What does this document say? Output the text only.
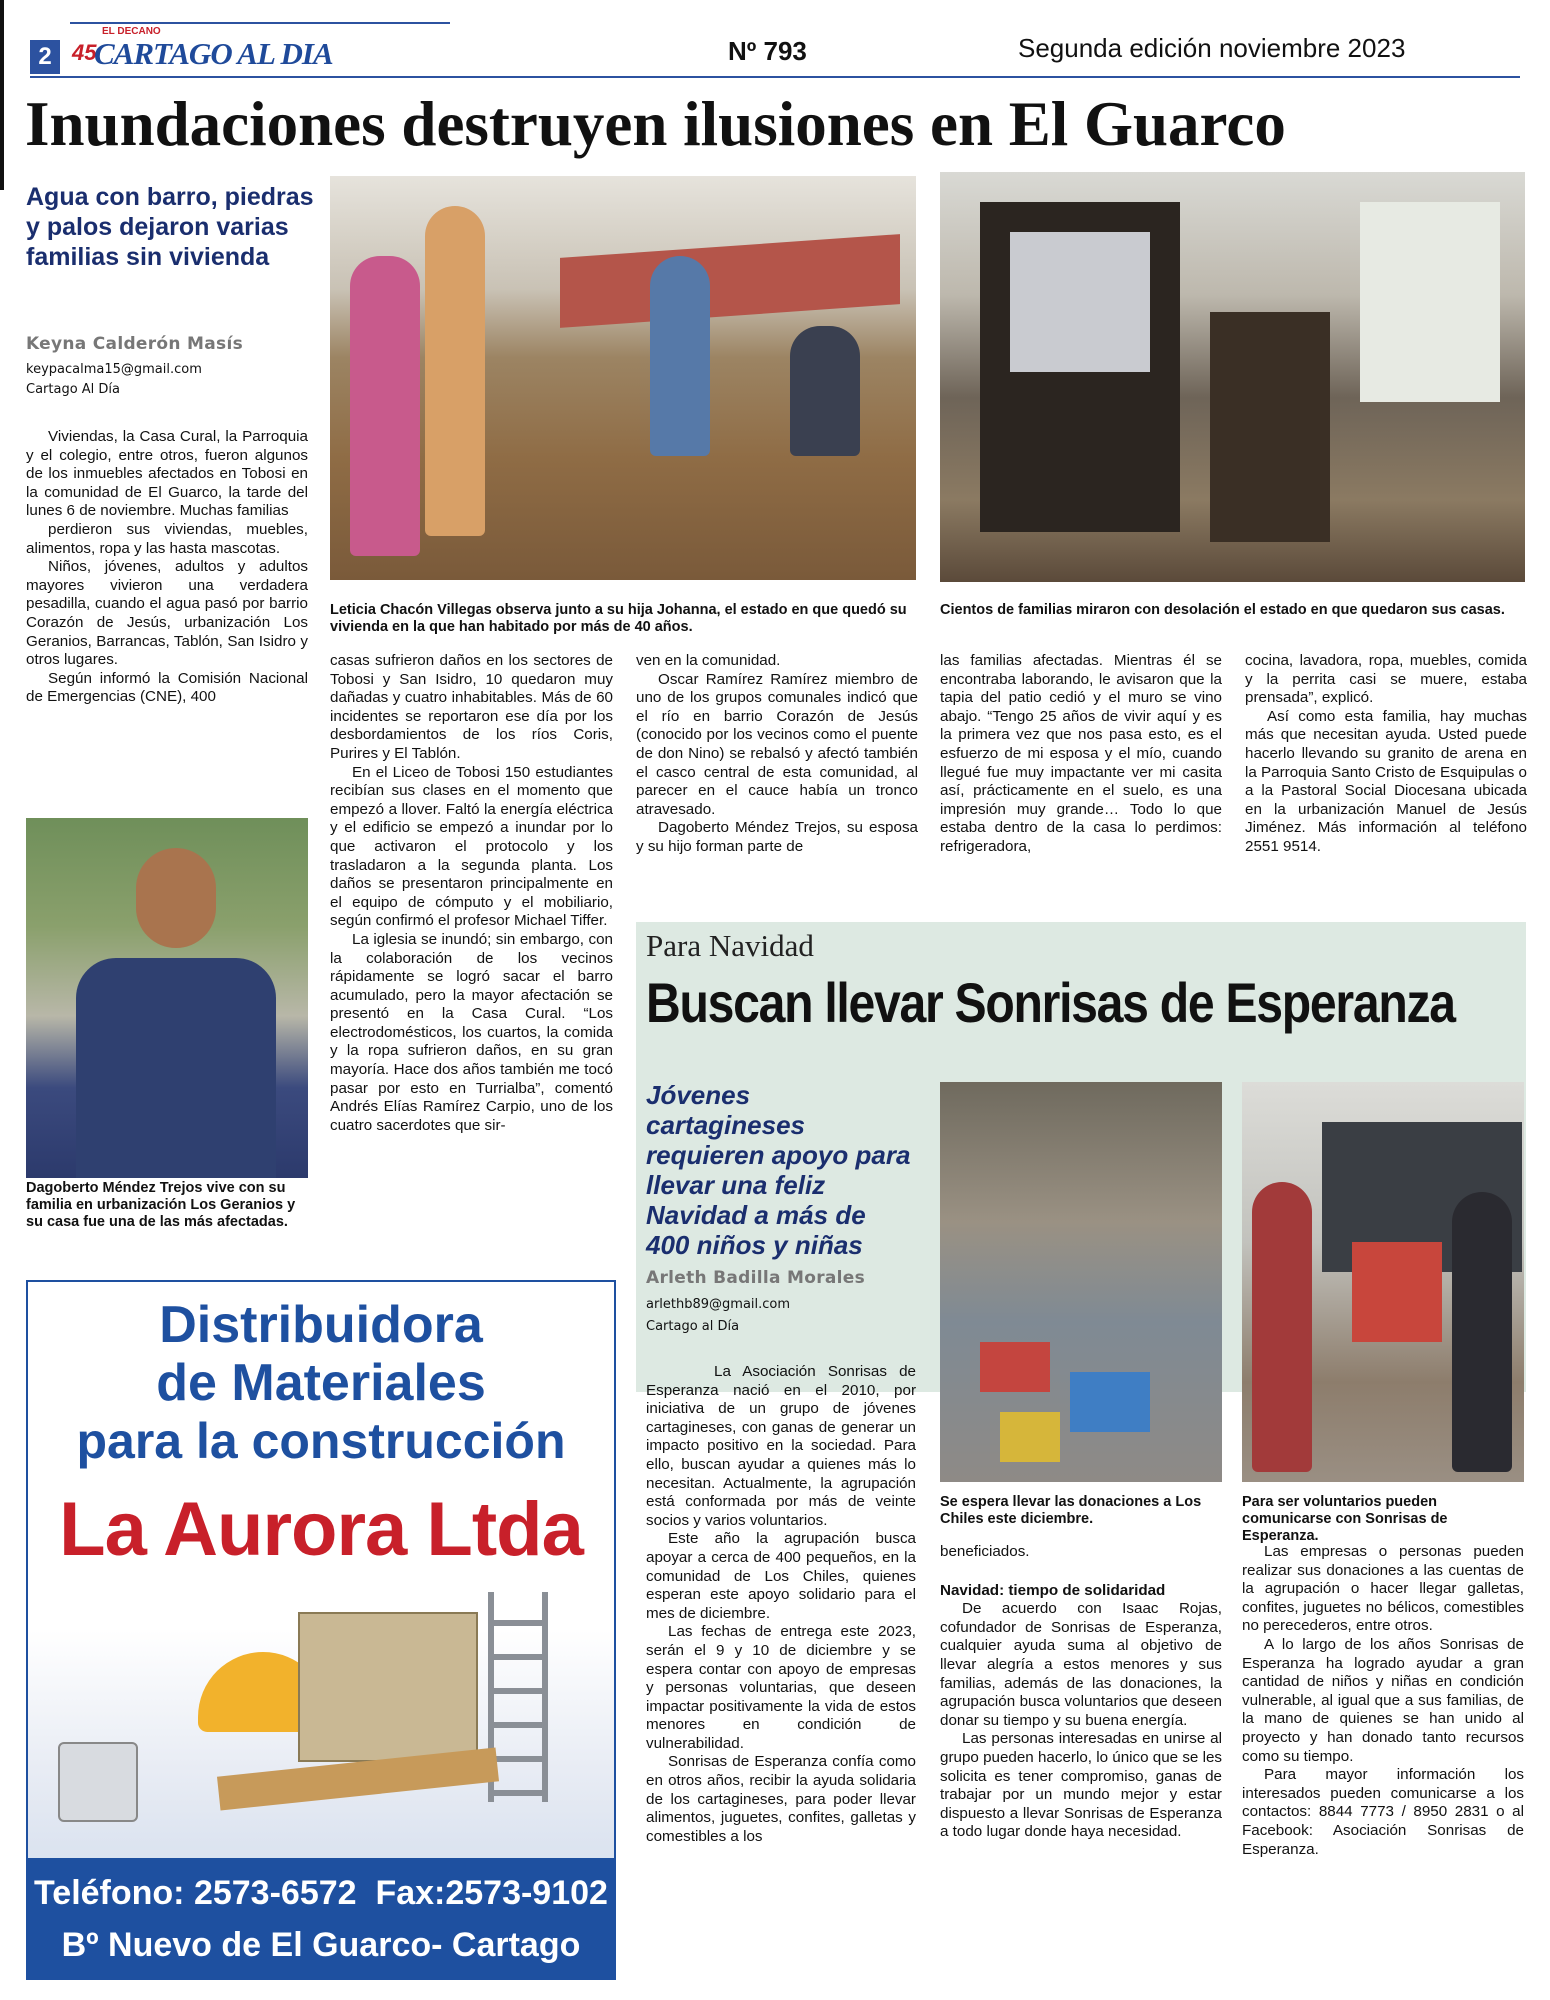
2
EL DECANO
45
CARTAGO AL DIA	Nº 793	Segunda edición noviembre 2023
Inundaciones destruyen ilusiones en El Guarco
Agua con barro, piedras y palos dejaron varias familias sin vivienda
Keyna Calderón Masís
keypacalma15@gmail.com
Cartago Al Día

Viviendas, la Casa Cural, la Parroquia y el colegio, entre otros, fueron algunos de los inmuebles afectados en Tobosi en la comunidad de El Guarco, la tarde del lunes 6 de noviembre. Muchas familias

perdieron sus viviendas, muebles, alimentos, ropa y las hasta mascotas.

Niños, jóvenes, adultos y adultos mayores vivieron una verdadera pesadilla, cuando el agua pasó por barrio Corazón de Jesús, urbanización Los Geranios, Barrancas, Tablón, San Isidro y otros lugares.

Según informó la Comisión Nacional de Emergencias (CNE), 400

Dagoberto Méndez Trejos vive con su familia en urbanización Los Geranios y su casa fue una de las más afectadas.
Leticia Chacón Villegas observa junto a su hija Johanna, el estado en que quedó su vivienda en la que han habitado por más de 40 años.
Cientos de familias miraron con desolación el estado en que quedaron sus casas.

casas sufrieron daños en los sectores de Tobosi y San Isidro, 10 quedaron muy dañadas y cuatro inhabitables. Más de 60 incidentes se reportaron ese día por los desbordamientos de los ríos Coris, Purires y El Tablón.

En el Liceo de Tobosi 150 estudiantes recibían sus clases en el momento que empezó a llover. Faltó la energía eléctrica y el edificio se empezó a inundar por lo que activaron el protocolo y los trasladaron a la segunda planta. Los daños se presentaron principalmente en el equipo de cómputo y el mobiliario, según confirmó el profesor Michael Tiffer.

La iglesia se inundó; sin embargo, con la colaboración de los vecinos rápidamente se logró sacar el barro acumulado, pero la mayor afectación se presentó en la Casa Cural. “Los electrodomésticos, los cuartos, la comida y la ropa sufrieron daños, en su gran mayoría. Hace dos años también me tocó pasar por esto en Turrialba”, comentó Andrés Elías Ramírez Carpio, uno de los cuatro sacerdotes que sir-

ven en la comunidad.

Oscar Ramírez Ramírez miembro de uno de los grupos comunales indicó que el río en barrio Corazón de Jesús (conocido por los vecinos como el puente de don Nino) se rebalsó y afectó también el casco central de esta comunidad, al parecer en el cauce había un tronco atravesado.

Dagoberto Méndez Trejos, su esposa y su hijo forman parte de

las familias afectadas. Mientras él se encontraba laborando, le avisaron que la tapia del patio cedió y el muro se vino abajo. “Tengo 25 años de vivir aquí y es la primera vez que nos pasa esto, es el esfuerzo de mi esposa y el mío, cuando llegué fue muy impactante ver mi casita así, prácticamente en el suelo, es una impresión muy grande… Todo lo que estaba dentro de la casa lo perdimos: refrigeradora,

cocina, lavadora, ropa, muebles, comida y la perrita casi se muere, estaba prensada”, explicó.

Así como esta familia, hay muchas más que necesitan ayuda. Usted puede hacerlo llevando su granito de arena en la Parroquia Santo Cristo de Esquipulas o a la Pastoral Social Diocesana ubicada en la urbanización Manuel de Jesús Jiménez. Más información al teléfono 2551 9514.

Distribuidora
de Materiales
para la construcción
La Aurora Ltda
Teléfono: 2573-6572  Fax:2573-9102
Bº Nuevo de El Guarco- Cartago
Para Navidad
Buscan llevar Sonrisas de Esperanza
Jóvenes cartagineses requieren apoyo para llevar una feliz Navidad a más de 400 niños y niñas
Arleth Badilla Morales
arlethb89@gmail.com
Cartago al Día
Se espera llevar las donaciones a Los Chiles este diciembre.
Para ser voluntarios pueden comunicarse con Sonrisas de Esperanza.

La Asociación Sonrisas de Esperanza nació en el 2010, por iniciativa de un grupo de jóvenes cartagineses, con ganas de generar un impacto positivo en la sociedad. Para ello, buscan ayudar a quienes más lo necesitan. Actualmente, la agrupación está conformada por más de veinte socios y varios voluntarios.

Este año la agrupación busca apoyar a cerca de 400 pequeños, en la comunidad de Los Chiles, quienes esperan este apoyo solidario para el mes de diciembre.

Las fechas de entrega este 2023, serán el 9 y 10 de diciembre y se espera contar con apoyo de empresas y personas voluntarias, que deseen impactar positivamente la vida de estos menores en condición de vulnerabilidad.

Sonrisas de Esperanza confía como en otros años, recibir la ayuda solidaria de los cartagineses, para poder llevar alimentos, juguetes, confites, galletas y comestibles a los

beneficiados.

Navidad: tiempo de solidaridad

De acuerdo con Isaac Rojas, cofundador de Sonrisas de Esperanza, cualquier ayuda suma al objetivo de llevar alegría a estos menores y sus familias, además de las donaciones, la agrupación busca voluntarios que deseen donar su tiempo y su buena energía.

Las personas interesadas en unirse al grupo pueden hacerlo, lo único que se les solicita es tener compromiso, ganas de trabajar por un mundo mejor y estar dispuesto a llevar Sonrisas de Esperanza a todo lugar donde haya necesidad.

Las empresas o personas pueden realizar sus donaciones a las cuentas de la agrupación o hacer llegar galletas, confites, juguetes no bélicos, comestibles no perecederos, entre otros.

A lo largo de los años Sonrisas de Esperanza ha logrado ayudar a gran cantidad de niños y niñas en condición vulnerable, al igual que a sus familias, de la mano de quienes se han unido al proyecto y han donado tanto recursos como su tiempo.

Para mayor información los interesados pueden comunicarse a los contactos: 8844 7773 / 8950 2831 o al Facebook: Asociación Sonrisas de Esperanza.
